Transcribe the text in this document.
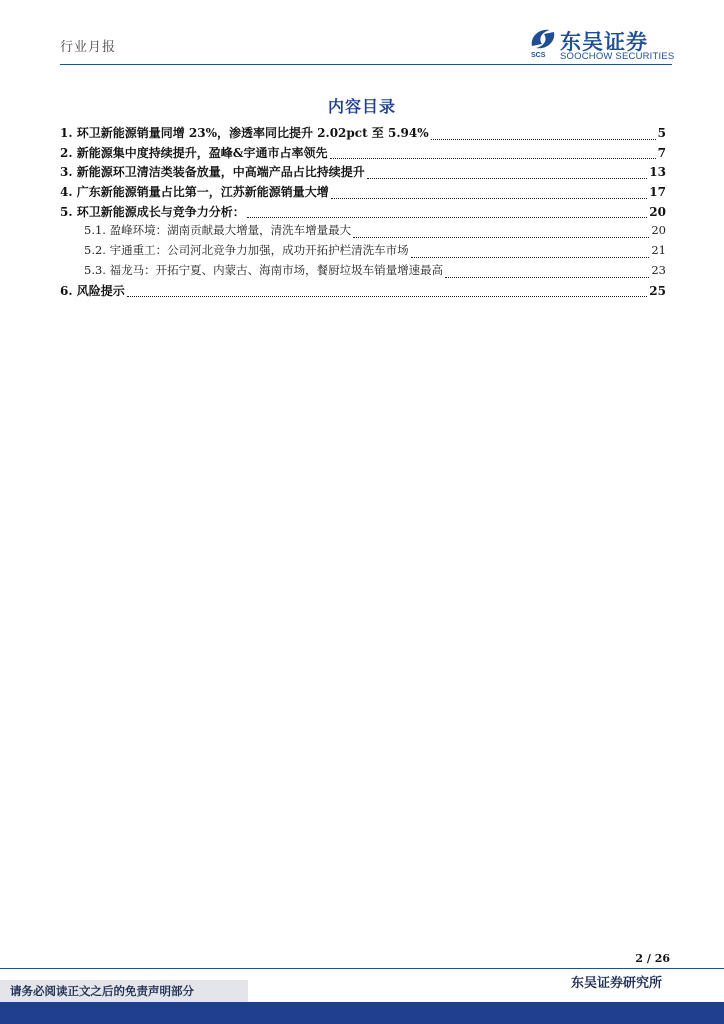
行业月报
SCS
东吴证券
SOOCHOW SECURITIES
内容目录
1. 环卫新能源销量同增 23%，渗透率同比提升 2.02pct 至 5.94%	5
2. 新能源集中度持续提升，盈峰&宇通市占率领先	7
3. 新能源环卫清洁类装备放量，中高端产品占比持续提升	13
4. 广东新能源销量占比第一，江苏新能源销量大增	17
5. 环卫新能源成长与竞争力分析：	20
5.1. 盈峰环境：湖南贡献最大增量，清洗车增量最大	20
5.2. 宇通重工：公司河北竞争力加强，成功开拓护栏清洗车市场	21
5.3. 福龙马：开拓宁夏、内蒙古、海南市场，餐厨垃圾车销量增速最高	23
6. 风险提示	25
2 / 26
东吴证券研究所
请务必阅读正文之后的免责声明部分
